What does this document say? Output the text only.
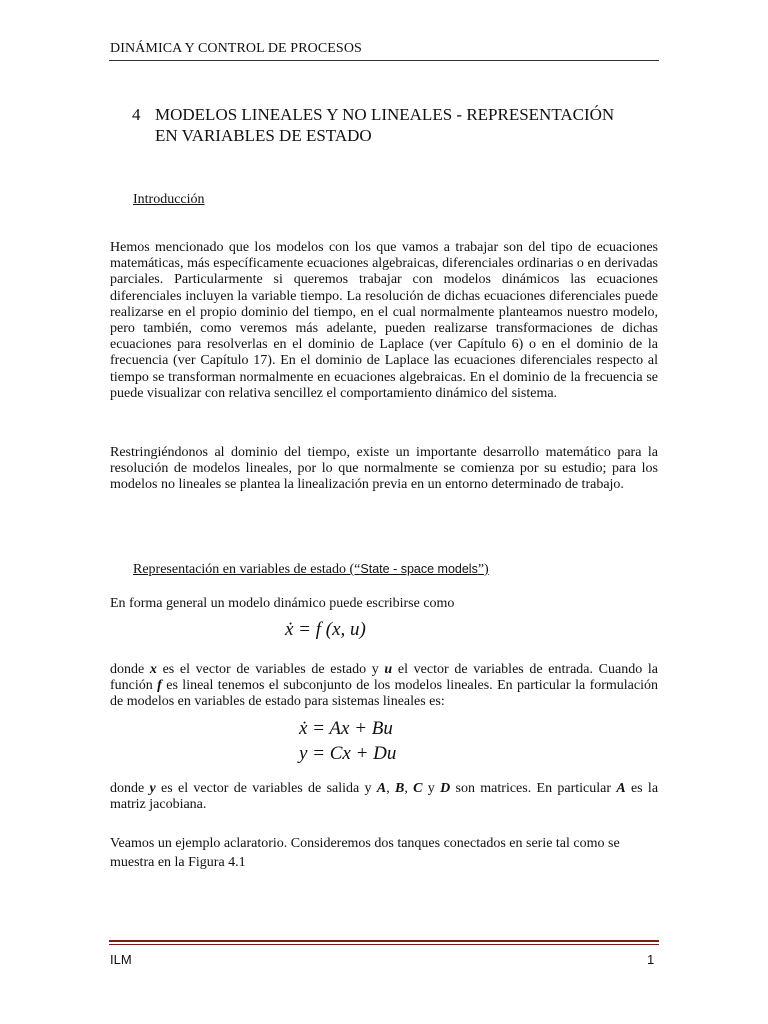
DINÁMICA Y CONTROL DE PROCESOS
4 MODELOS LINEALES Y NO LINEALES - REPRESENTACIÓN
EN VARIABLES DE ESTADO
Introducción

Hemos mencionado que los modelos con los que vamos a trabajar son del tipo de ecuaciones matemáticas, más específicamente ecuaciones algebraicas, diferenciales ordinarias o en derivadas parciales. Particularmente si queremos trabajar con modelos dinámicos las ecuaciones diferenciales incluyen la variable tiempo. La resolución de dichas ecuaciones diferenciales puede realizarse en el propio dominio del tiempo, en el cual normalmente planteamos nuestro modelo, pero también, como veremos más adelante, pueden realizarse transformaciones de dichas ecuaciones para resolverlas en el dominio de Laplace (ver Capítulo 6) o en el dominio de la frecuencia (ver Capítulo 17). En el dominio de Laplace las ecuaciones diferenciales respecto al tiempo se transforman normalmente en ecuaciones algebraicas. En el dominio de la frecuencia se puede visualizar con relativa sencillez el comportamiento dinámico del sistema.

Restringiéndonos al dominio del tiempo, existe un importante desarrollo matemático para la resolución de modelos lineales, por lo que normalmente se comienza por su estudio; para los modelos no lineales se plantea la linealización previa en un entorno determinado de trabajo.

Representación en variables de estado (“State - space models”)
En forma general un modelo dinámico puede escribirse como
ẋ = f (x, u)

donde x es el vector de variables de estado y u el vector de variables de entrada. Cuando la función f es lineal tenemos el subconjunto de los modelos lineales. En particular la formulación de modelos en variables de estado para sistemas lineales es:

ẋ = Ax + Bu
y = Cx + Du

donde y es el vector de variables de salida y A, B, C y D son matrices. En particular A es la matriz jacobiana.

Veamos un ejemplo aclaratorio. Consideremos dos tanques conectados en serie tal como se muestra en la Figura 4.1

ILM	1
